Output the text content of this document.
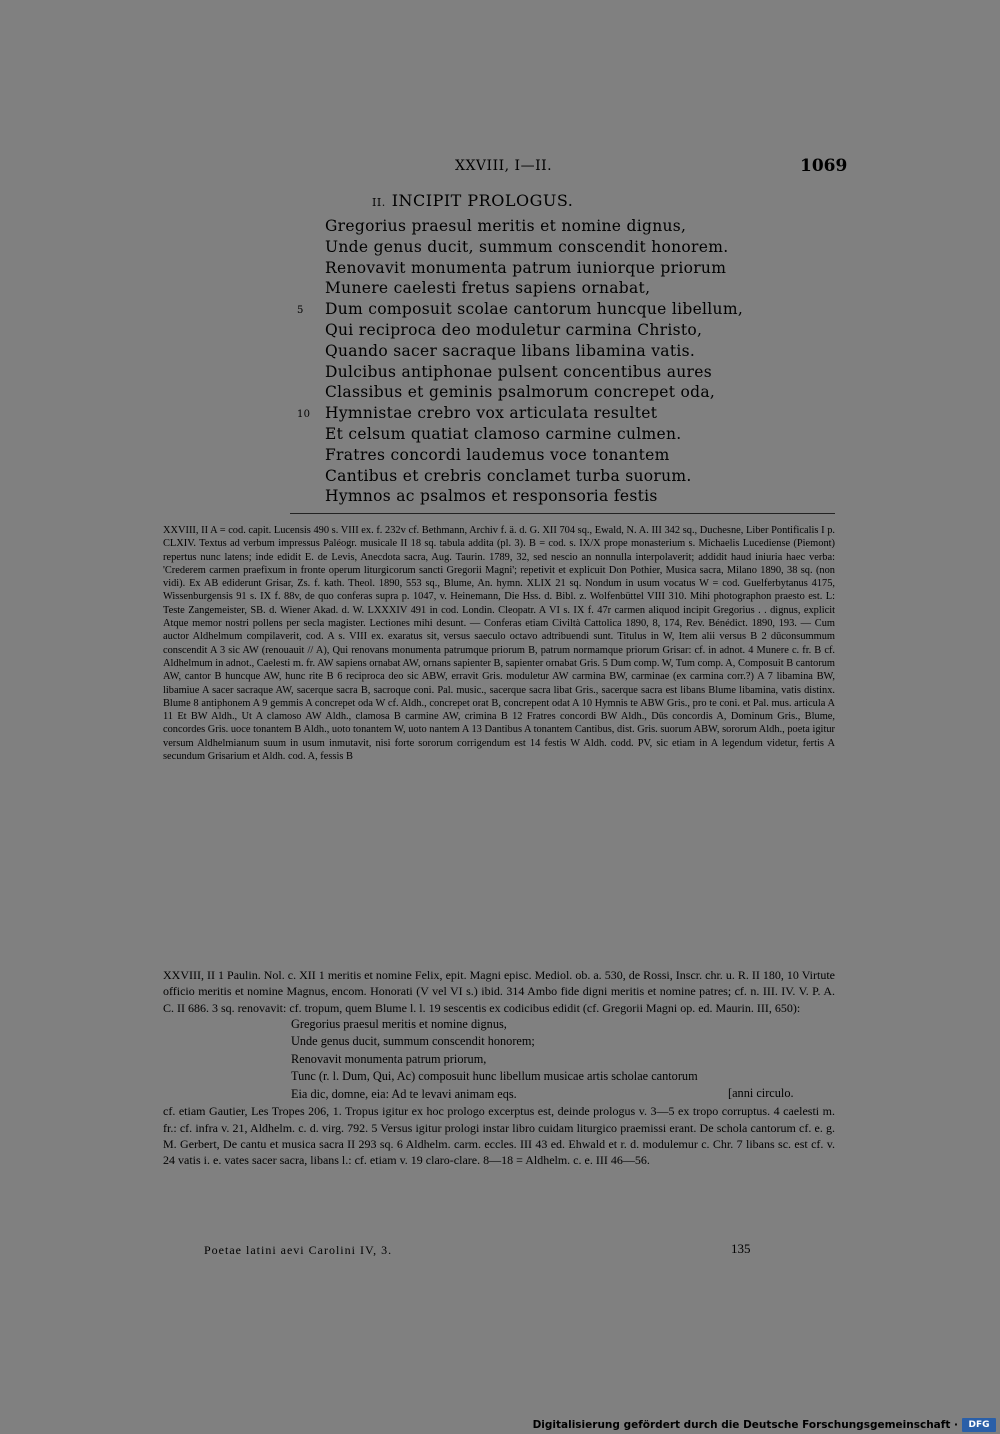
XXVIII, I—II.	1069
II. INCIPIT PROLOGUS.
Gregorius praesul meritis et nomine dignus,
Unde genus ducit, summum conscendit honorem.
Renovavit monumenta patrum iuniorque priorum
Munere caelesti fretus sapiens ornabat,
5 Dum composuit scolae cantorum huncque libellum,
Qui reciproca deo moduletur carmina Christo,
Quando sacer sacraque libans libamina vatis.
Dulcibus antiphonae pulsent concentibus aures
Classibus et geminis psalmorum concrepet oda,
10 Hymnistae crebro vox articulata resultet
Et celsum quatiat clamoso carmine culmen.
Fratres concordi laudemus voce tonantem
Cantibus et crebris conclamet turba suorum.
Hymnos ac psalmos et responsoria festis
XXVIII, II A = cod. capit. Lucensis 490 s. VIII ex. f. 232v cf. Bethmann, Archiv f. ä. d. G. XII 704 sq., Ewald, N. A. III 342 sq., Duchesne, Liber Pontificalis I p. CLXIV. Textus ad verbum impressus Paléogr. musicale II 18 sq. tabula addita (pl. 3). B = cod. s. IX/X prope monasterium s. Michaelis Lucediense (Piemont) repertus nunc latens; inde edidit E. de Levis, Anecdota sacra, Aug. Taurin. 1789, 32, sed nescio an nonnulla interpolaverit; addidit haud iniuria haec verba: 'Crederem carmen praefixum in fronte operum liturgicorum sancti Gregorii Magni'; repetivit et explicuit Don Pothier, Musica sacra, Milano 1890, 38 sq. (non vidi). Ex AB ediderunt Grisar, Zs. f. kath. Theol. 1890, 553 sq., Blume, An. hymn. XLIX 21 sq. Nondum in usum vocatus W = cod. Guelferbytanus 4175, Wissenburgensis 91 s. IX f. 88v, de quo conferas supra p. 1047, v. Heinemann, Die Hss. d. Bibl. z. Wolfenbüttel VIII 310. Mihi photographon praesto est. L: Teste Zangemeister, SB. d. Wiener Akad. d. W. LXXXIV 491 in cod. Londin. Cleopatr. A VI s. IX f. 47r carmen aliquod incipit Gregorius . . dignus, explicit Atque memor nostri pollens per secla magister. Lectiones mihi desunt. — Conferas etiam Civiltà Cattolica 1890, 8, 174, Rev. Bénédict. 1890, 193. — Cum auctor Aldhelmum compilaverit, cod. A s. VIII ex. exaratus sit, versus saeculo octavo adtribuendi sunt. Titulus in W, Item alii versus B 2 dūconsummum conscendit A 3 sic AW (renouauit // A), Qui renovans monumenta patrumque priorum B, patrum normamque priorum Grisar: cf. in adnot. 4 Munere c. fr. B cf. Aldhelmum in adnot., Caelesti m. fr. AW sapiens ornabat AW, ornans sapienter B, sapienter ornabat Gris. 5 Dum comp. W, Tum comp. A, Composuit B cantorum AW, cantor B huncque AW, hunc rite B 6 reciproca deo sic ABW, erravit Gris. moduletur AW carmina BW, carminae (ex carmina corr.?) A 7 libamina BW, libamiue A sacer sacraque AW, sacerque sacra B, sacroque coni. Pal. music., sacerque sacra libat Gris., sacerque sacra est libans Blume libamina, vatis distinx. Blume 8 antiphonem A 9 gemmis A concrepet oda W cf. Aldh., concrepet orat B, concrepent odat A 10 Hymnis te ABW Gris., pro te coni. et Pal. mus. articula A 11 Et BW Aldh., Ut A clamoso AW Aldh., clamosa B carmine AW, crimina B 12 Fratres concordi BW Aldh., Dūs concordis A, Dominum Gris., Blume, concordes Gris. uoce tonantem B Aldh., uoto tonantem W, uoto nantem A 13 Dantibus A tonantem Cantibus, dist. Gris. suorum ABW, sororum Aldh., poeta igitur versum Aldhelmianum suum in usum inmutavit, nisi forte sororum corrigendum est 14 festis W Aldh. codd. PV, sic etiam in A legendum videtur, fertis A secundum Grisarium et Aldh. cod. A, fessis B
XXVIII, II 1 Paulin. Nol. c. XII 1 meritis et nomine Felix, epit. Magni episc. Mediol. ob. a. 530, de Rossi, Inscr. chr. u. R. II 180, 10 Virtute officio meritis et nomine Magnus, encom. Honorati (V vel VI s.) ibid. 314 Ambo fide digni meritis et nomine patres; cf. n. III. IV. V. P. A. C. II 686. 3 sq. renovavit: cf. tropum, quem Blume l. l. 19 sescentis ex codicibus edidit (cf. Gregorii Magni op. ed. Maurin. III, 650):
Gregorius praesul meritis et nomine dignus,
Unde genus ducit, summum conscendit honorem;
Renovavit monumenta patrum priorum,
Tunc (r. l. Dum, Qui, Ac) composuit hunc libellum musicae artis scholae cantorum
Eia dic, domne, eia: Ad te levavi animam eqs.	[anni circulo.
cf. etiam Gautier, Les Tropes 206, 1. Tropus igitur ex hoc prologo excerptus est, deinde prologus v. 3—5 ex tropo corruptus. 4 caelesti m. fr.: cf. infra v. 21, Aldhelm. c. d. virg. 792. 5 Versus igitur prologi instar libro cuidam liturgico praemissi erant. De schola cantorum cf. e. g. M. Gerbert, De cantu et musica sacra II 293 sq. 6 Aldhelm. carm. eccles. III 43 ed. Ehwald et r. d. modulemur c. Chr. 7 libans sc. est cf. v. 24 vatis i. e. vates sacer sacra, libans l.: cf. etiam v. 19 claro-clare. 8—18 = Aldhelm. c. e. III 46—56.
Poetae latini aevi Carolini IV, 3.	135
Digitalisierung gefördert durch die Deutsche Forschungsgemeinschaft ·	DFG
